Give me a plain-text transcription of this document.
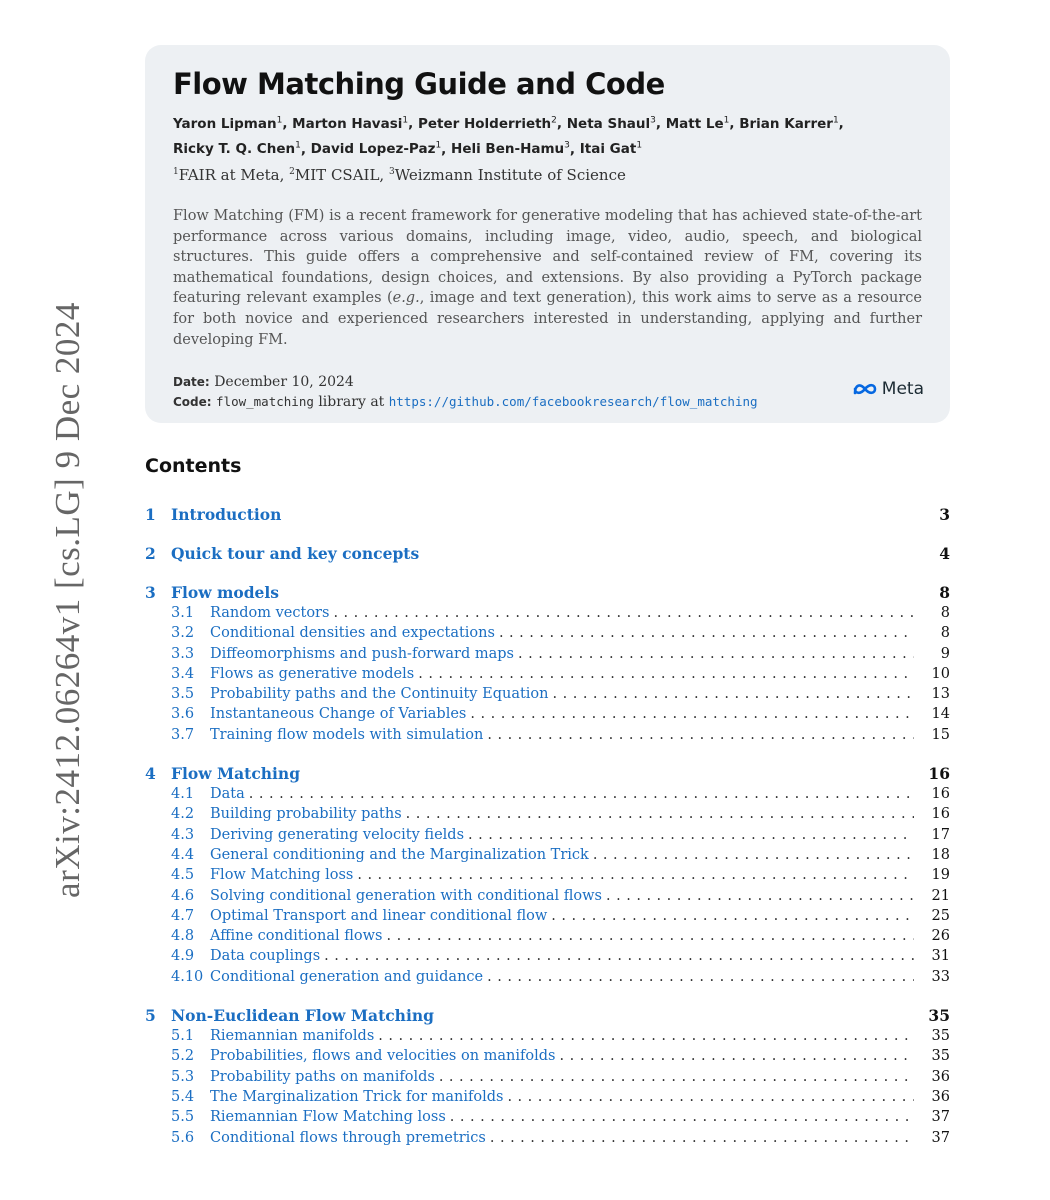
arXiv:2412.06264v1 [cs.LG] 9 Dec 2024
Flow Matching Guide and Code
Yaron Lipman$^1$, Marton Havasi$^1$, Peter Holderrieth$^2$, Neta Shaul$^3$, Matt Le$^1$, Brian Karrer$^1$,
Ricky T. Q. Chen$^1$, David Lopez-Paz$^1$, Heli Ben-Hamu$^3$, Itai Gat$^1$
$^1$FAIR at Meta, $^2$MIT CSAIL, $^3$Weizmann Institute of Science
Flow Matching (FM) is a recent framework for generative modeling that has achieved state-of-the-art performance across various domains, including image, video, audio, speech, and biological structures. This guide offers a comprehensive and self-contained review of FM, covering its mathematical foundations, design choices, and extensions. By also providing a PyTorch package featuring relevant examples (e.g., image and text generation), this work aims to serve as a resource for both novice and experienced researchers interested in understanding, applying and further developing FM.
Date: December 10, 2024
Code: flow_matching library at https://github.com/facebookresearch/flow_matching
Meta
Contents
1 Introduction	3
2 Quick tour and key concepts	4
3 Flow models	8
3.1	Random vectors .....	8
3.2	Conditional densities and expectations .....	8
3.3	Diffeomorphisms and push-forward maps .....	9
3.4	Flows as generative models .....	10
3.5	Probability paths and the Continuity Equation .....	13
3.6	Instantaneous Change of Variables .....	14
3.7	Training flow models with simulation .....	15
4 Flow Matching	16
4.1	Data .....	16
4.2	Building probability paths .....	16
4.3	Deriving generating velocity fields .....	17
4.4	General conditioning and the Marginalization Trick .....	18
4.5	Flow Matching loss .....	19
4.6	Solving conditional generation with conditional flows .....	21
4.7	Optimal Transport and linear conditional flow .....	25
4.8	Affine conditional flows .....	26
4.9	Data couplings .....	31
4.10 Conditional generation and guidance .....	33
5 Non-Euclidean Flow Matching	35
5.1	Riemannian manifolds .....	35
5.2	Probabilities, flows and velocities on manifolds .....	35
5.3	Probability paths on manifolds .....	36
5.4	The Marginalization Trick for manifolds .....	36
5.5	Riemannian Flow Matching loss .....	37
5.6	Conditional flows through premetrics .....	37
